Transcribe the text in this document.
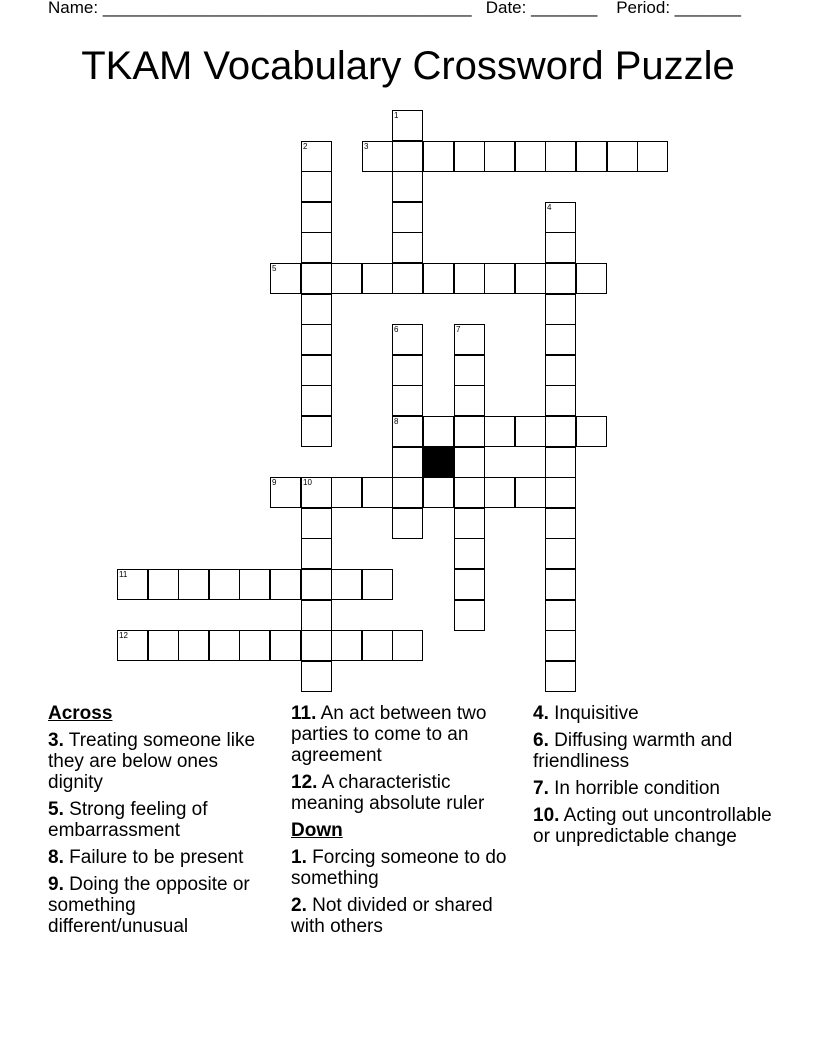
Name: _______________________________________ Date: _______ Period: _______
TKAM Vocabulary Crossword Puzzle
1
2	3
4
5
6
8
7
9	10
11
12
Across
3. Treating someone like they are below ones dignity
5. Strong feeling of embarrassment
8. Failure to be present
9. Doing the opposite or something different/unusual
11. An act between two parties to come to an agreement
12. A characteristic meaning absolute ruler
Down
1. Forcing someone to do something
2. Not divided or shared with others
4. Inquisitive
6. Diffusing warmth and friendliness
7. In horrible condition
10. Acting out uncontrollable or unpredictable change
